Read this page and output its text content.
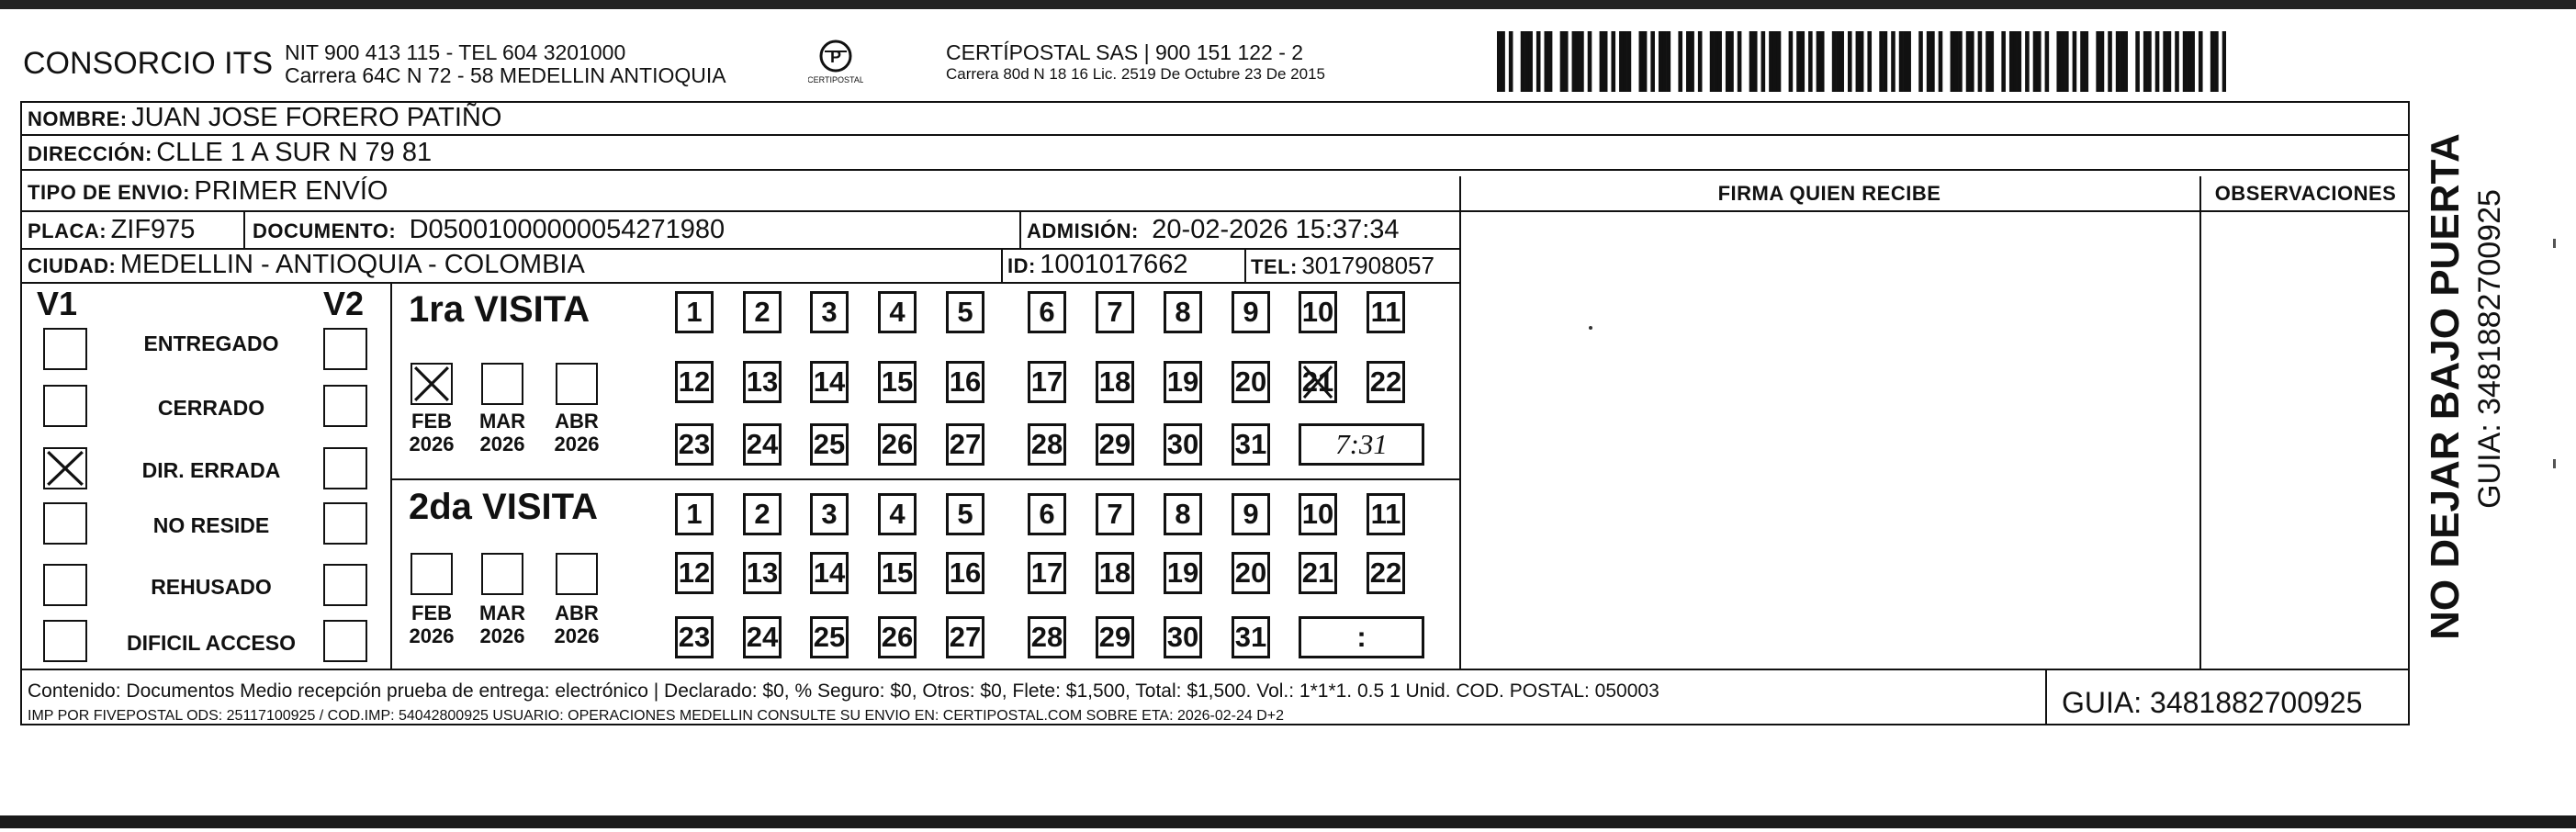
CONSORCIO ITS NIT 900 413 115 - TEL 604 3201000
Carrera 64C N 72 - 58 MEDELLIN ANTIOQUIA
P
CERTIPOSTAL
CERTÍPOSTAL SAS | 900 151 122 - 2
Carrera 80d N 18 16 Lic. 2519 De Octubre 23 De 2015
NOMBRE: JUAN JOSE FORERO PATIÑO
DIRECCIÓN: CLLE 1 A SUR N 79 81
TIPO DE ENVIO: PRIMER ENVÍO	FIRMA QUIEN RECIBE	OBSERVACIONES
PLACA: ZIF975	DOCUMENTO: D05001000000054271980	ADMISIÓN: 20-02-2026 15:37:34
CIUDAD: MEDELLIN - ANTIOQUIA - COLOMBIA	ID: 1001017662	TEL: 3017908057
V1	V2
ENTREGADO
CERRADO
DIR. ERRADA
NO RESIDE
REHUSADO
DIFICIL ACCESO
1ra VISITA
2da VISITA
FEB
2026
MAR
2026
ABR
2026
1	2	3	4	5	6	7	8	9	10 11
12 13 14 15 16 17 18 19 20 21 22
23 24 25 26 27 28 29 30 31	7:31
FEB
2026
MAR
2026
ABR
2026
1	2	3	4	5	6	7	8	9	10 11
12 13 14 15 16 17 18 19 20 21 22
23 24 25 26 27 28 29 30 31	:
Contenido: Documentos Medio recepción prueba de entrega: electrónico | Declarado: $0, % Seguro: $0, Otros: $0, Flete: $1,500, Total: $1,500. Vol.: 1*1*1. 0.5 1 Unid. COD. POSTAL: 050003
IMP POR FIVEPOSTAL ODS: 25117100925 / COD.IMP: 54042800925 USUARIO: OPERACIONES MEDELLIN CONSULTE SU ENVIO EN: CERTIPOSTAL.COM SOBRE ETA: 2026-02-24 D+2	GUIA: 3481882700925
NO DEJAR BAJO PUERTA GUIA: 3481882700925
